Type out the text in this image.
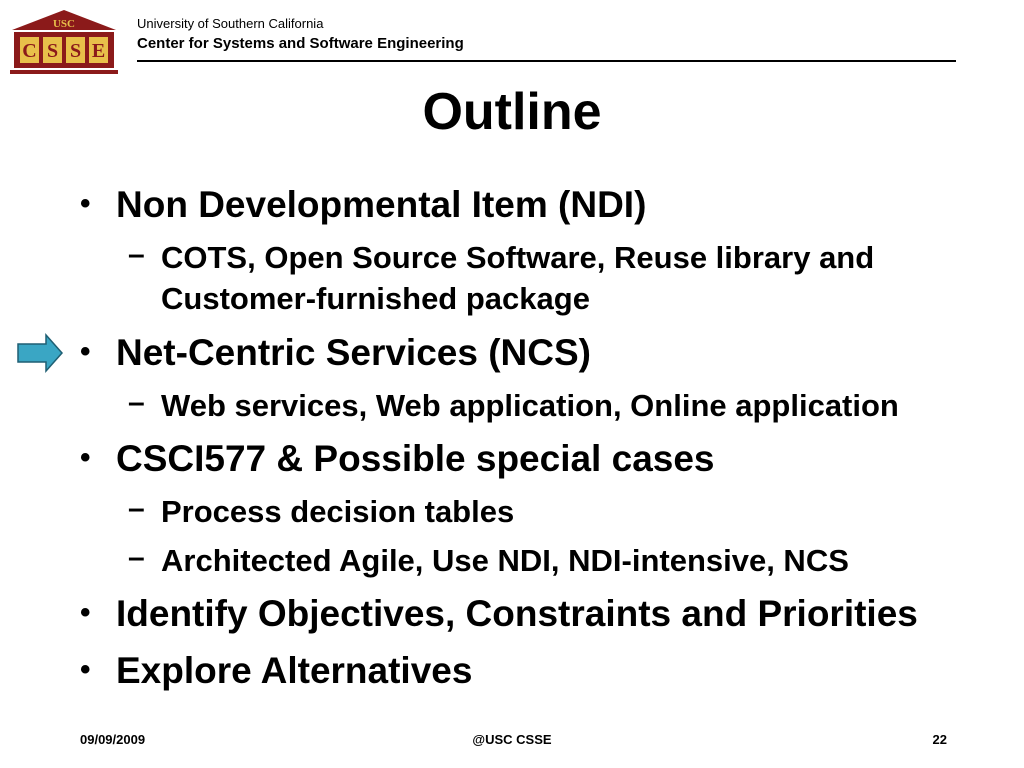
USC
C S S E
University of Southern California
Center for Systems and Software Engineering
Outline
• Non Developmental Item (NDI)
– COTS, Open Source Software, Reuse library and
Customer-furnished package
• Net-Centric Services (NCS)
– Web services, Web application, Online application
• CSCI577 & Possible special cases
– Process decision tables
– Architected Agile, Use NDI, NDI-intensive, NCS
• Identify Objectives, Constraints and Priorities
• Explore Alternatives
09/09/2009	@USC CSSE	22
